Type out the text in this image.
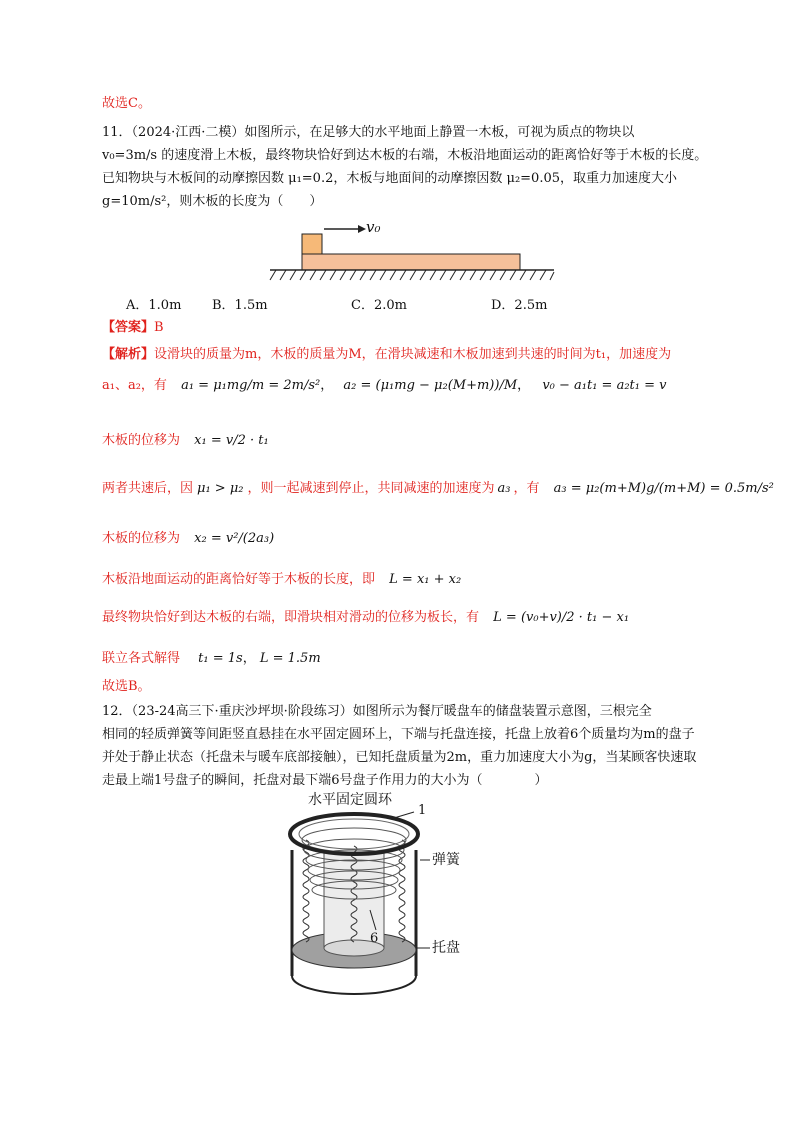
故选C。
11．（2024·江西·二模）如图所示，在足够大的水平地面上静置一木板，可视为质点的物块以
v₀=3m/s 的速度滑上木板，最终物块恰好到达木板的右端，木板沿地面运动的距离恰好等于木板的长度。
已知物块与木板间的动摩擦因数 μ₁=0.2，木板与地面间的动摩擦因数 μ₂=0.05，取重力加速度大小
g=10m/s²，则木板的长度为（　　）
v₀
A．1.0m B．1.5m	C．2.0m	D．2.5m
【答案】B
【解析】设滑块的质量为m，木板的质量为M，在滑块减速和木板加速到共速的时间为t₁，加速度为
a₁、a₂，有 a₁ = μ₁mg/m = 2m/s²， a₂ = (μ₁mg − μ₂(M+m))/M， v₀ − a₁t₁ = a₂t₁ = v
木板的位移为 x₁ = v/2 · t₁
两者共速后，因 μ₁ > μ₂ ，则一起减速到停止，共同减速的加速度为 a₃ ，有 a₃ = μ₂(m+M)g/(m+M) = 0.5m/s²
木板的位移为 x₂ = v²/(2a₃)
木板沿地面运动的距离恰好等于木板的长度，即 L = x₁ + x₂
最终物块恰好到达木板的右端，即滑块相对滑动的位移为板长，有 L = (v₀+v)/2 · t₁ − x₁
联立各式解得 t₁ = 1s， L = 1.5m
故选B。
12．（23-24高三下·重庆沙坪坝·阶段练习）如图所示为餐厅暖盘车的储盘装置示意图，三根完全
相同的轻质弹簧等间距竖直悬挂在水平固定圆环上，下端与托盘连接，托盘上放着6个质量均为m的盘子
并处于静止状态（托盘未与暖车底部接触），已知托盘质量为2m，重力加速度大小为g，当某顾客快速取
走最上端1号盘子的瞬间，托盘对最下端6号盘子作用力的大小为（　　　　）
水平固定圆环
1
弹簧
6
托盘
